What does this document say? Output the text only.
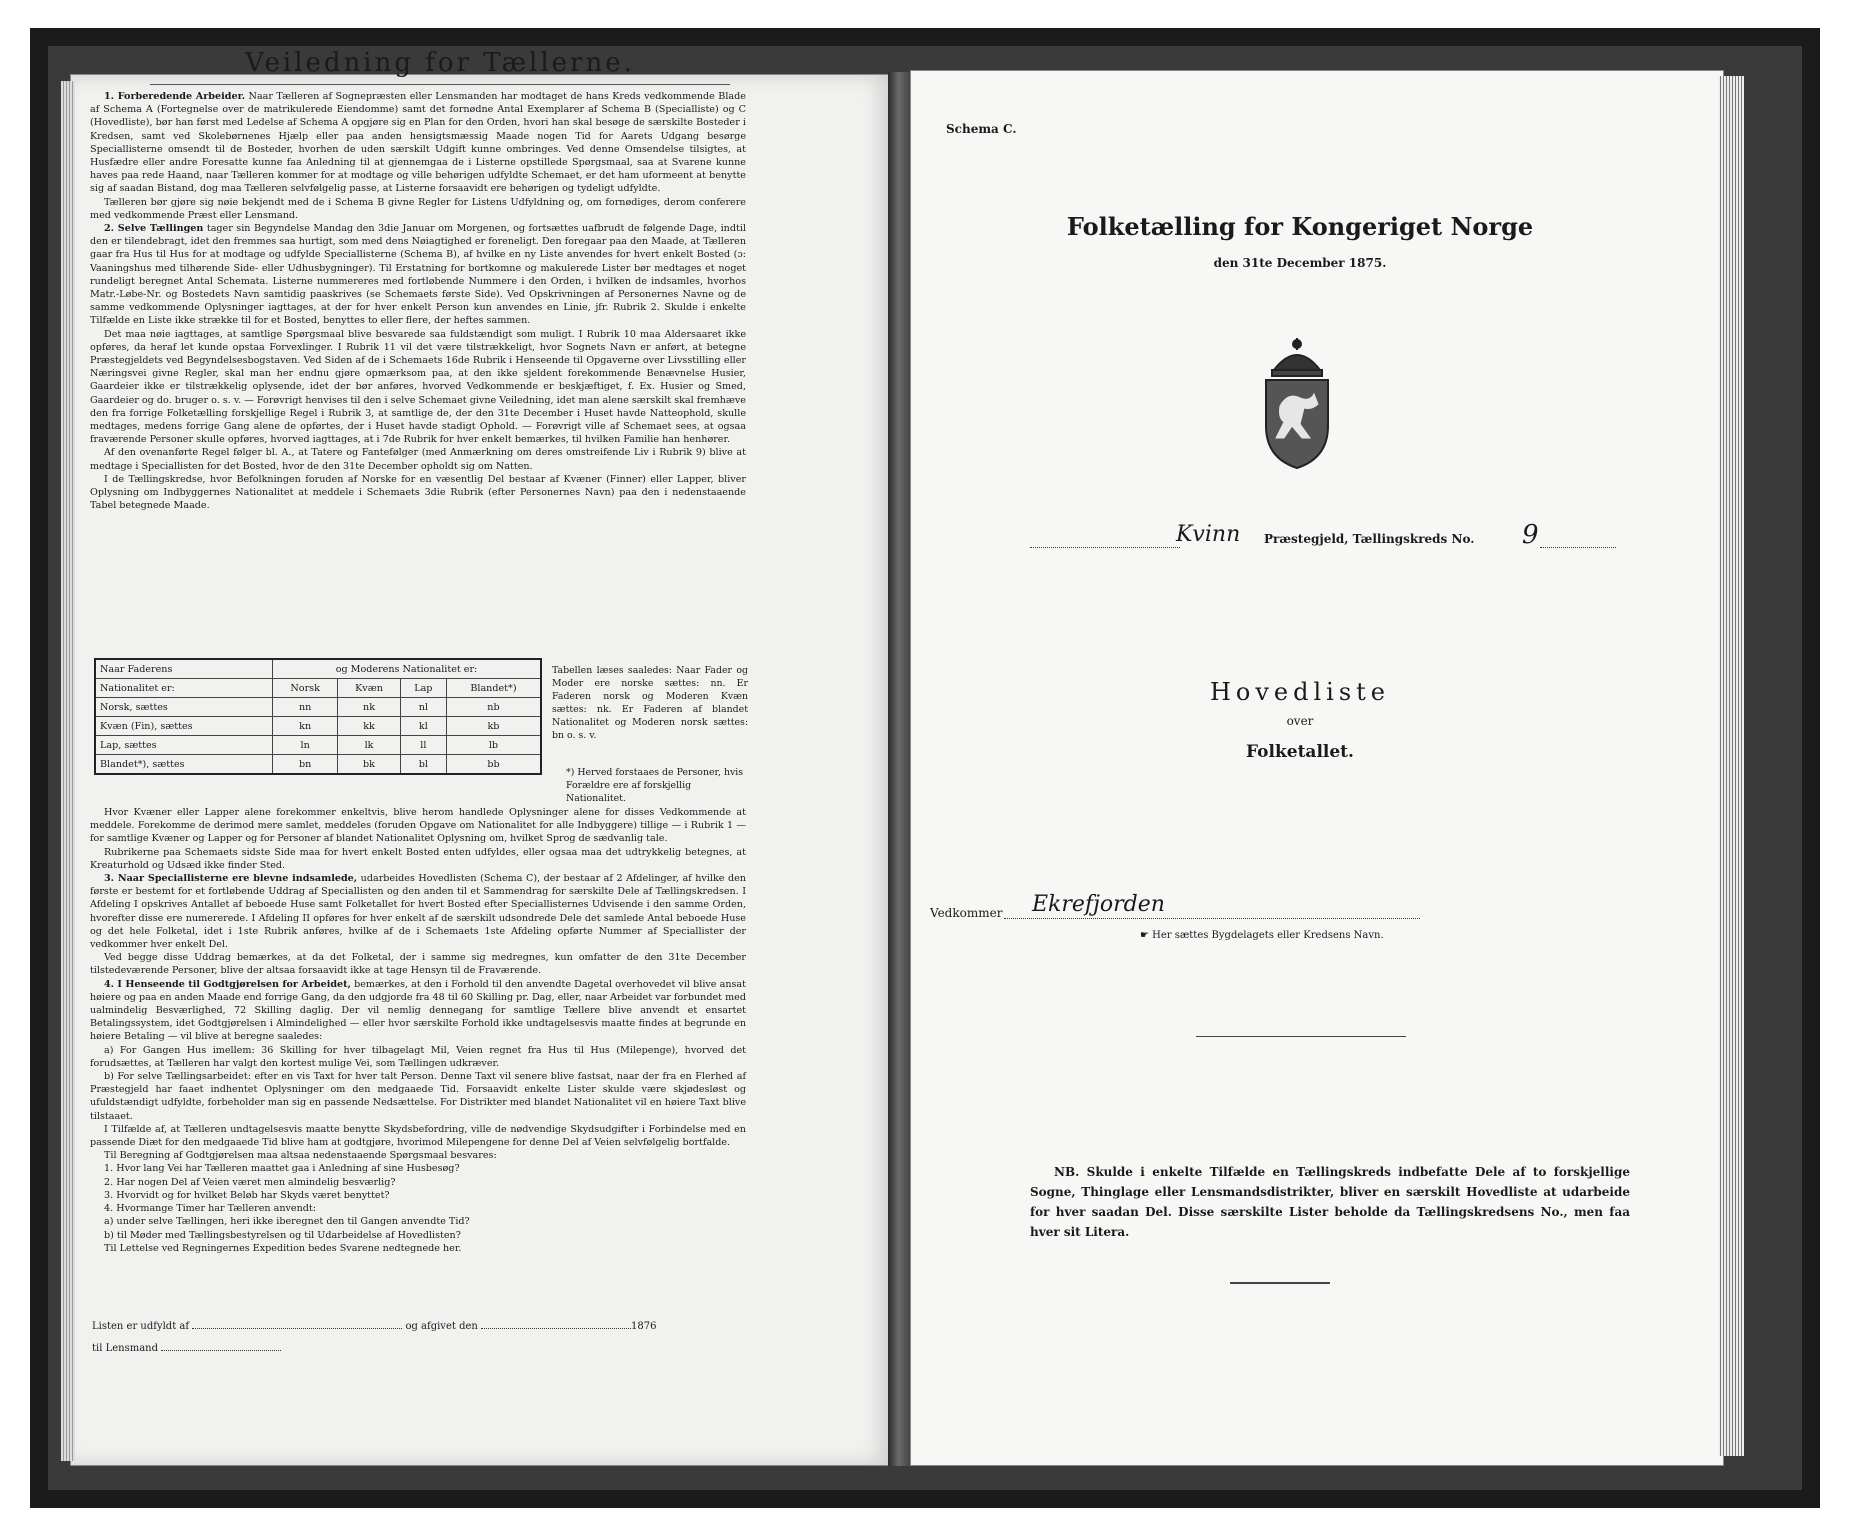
Veiledning for Tællerne.

1. Forberedende Arbeider. Naar Tælleren af Sognepræsten eller Lensmanden har modtaget de hans Kreds vedkommende Blade af Schema A (Fortegnelse over de matrikulerede Eiendomme) samt det fornødne Antal Exemplarer af Schema B (Specialliste) og C (Hovedliste), bør han først med Ledelse af Schema A opgjøre sig en Plan for den Orden, hvori han skal besøge de særskilte Bosteder i Kredsen, samt ved Skolebørnenes Hjælp eller paa anden hensigtsmæssig Maade nogen Tid for Aarets Udgang besørge Speciallisterne omsendt til de Bosteder, hvorhen de uden særskilt Udgift kunne ombringes. Ved denne Omsendelse tilsigtes, at Husfædre eller andre Foresatte kunne faa Anledning til at gjennemgaa de i Listerne opstillede Spørgsmaal, saa at Svarene kunne haves paa rede Haand, naar Tælleren kommer for at modtage og ville behørigen udfyldte Schemaet, er det ham uformeent at benytte sig af saadan Bistand, dog maa Tælleren selvfølgelig passe, at Listerne forsaavidt ere behørigen og tydeligt udfyldte.

Tælleren bør gjøre sig nøie bekjendt med de i Schema B givne Regler for Listens Udfyldning og, om fornødiges, derom conferere med vedkommende Præst eller Lensmand.

2. Selve Tællingen tager sin Begyndelse Mandag den 3die Januar om Morgenen, og fortsættes uafbrudt de følgende Dage, indtil den er tilendebragt, idet den fremmes saa hurtigt, som med dens Nøiagtighed er foreneligt. Den foregaar paa den Maade, at Tælleren gaar fra Hus til Hus for at modtage og udfylde Speciallisterne (Schema B), af hvilke en ny Liste anvendes for hvert enkelt Bosted (ɔ: Vaaningshus med tilhørende Side- eller Udhusbygninger). Til Erstatning for bortkomne og makulerede Lister bør medtages et noget rundeligt beregnet Antal Schemata. Listerne nummereres med fortløbende Nummere i den Orden, i hvilken de indsamles, hvorhos Matr.-Løbe-Nr. og Bostedets Navn samtidig paaskrives (se Schemaets første Side). Ved Opskrivningen af Personernes Navne og de samme vedkommende Oplysninger iagttages, at der for hver enkelt Person kun anvendes en Linie, jfr. Rubrik 2. Skulde i enkelte Tilfælde en Liste ikke strække til for et Bosted, benyttes to eller flere, der heftes sammen.

Det maa nøie iagttages, at samtlige Spørgsmaal blive besvarede saa fuldstændigt som muligt. I Rubrik 10 maa Aldersaaret ikke opføres, da heraf let kunde opstaa Forvexlinger. I Rubrik 11 vil det være tilstrækkeligt, hvor Sognets Navn er anført, at betegne Præstegjeldets ved Begyndelsesbogstaven. Ved Siden af de i Schemaets 16de Rubrik i Henseende til Opgaverne over Livsstilling eller Næringsvei givne Regler, skal man her endnu gjøre opmærksom paa, at den ikke sjeldent forekommende Benævnelse Husier, Gaardeier ikke er tilstrækkelig oplysende, idet der bør anføres, hvorved Vedkommende er beskjæftiget, f. Ex. Husier og Smed, Gaardeier og do. bruger o. s. v. — Forøvrigt henvises til den i selve Schemaet givne Veiledning, idet man alene særskilt skal fremhæve den fra forrige Folketælling forskjellige Regel i Rubrik 3, at samtlige de, der den 31te December i Huset havde Natteophold, skulle medtages, medens forrige Gang alene de opførtes, der i Huset havde stadigt Ophold. — Forøvrigt ville af Schemaet sees, at ogsaa fraværende Personer skulle opføres, hvorved iagttages, at i 7de Rubrik for hver enkelt bemærkes, til hvilken Familie han henhører.

Af den ovenanførte Regel følger bl. A., at Tatere og Fantefølger (med Anmærkning om deres omstreifende Liv i Rubrik 9) blive at medtage i Speciallisten for det Bosted, hvor de den 31te December opholdt sig om Natten.

I de Tællingskredse, hvor Befolkningen foruden af Norske for en væsentlig Del bestaar af Kvæner (Finner) eller Lapper, bliver Oplysning om Indbyggernes Nationalitet at meddele i Schemaets 3die Rubrik (efter Personernes Navn) paa den i nedenstaaende Tabel betegnede Maade.

Naar Faderens	og Moderens Nationalitet er:			
Nationalitet er:	Norsk	Kvæn	Lap	Blandet*)
Norsk, sættes	nn	nk	nl	nb
Kvæn (Fin), sættes	kn	kk	kl	kb
Lap, sættes	ln	lk	ll	lb
Blandet*), sættes	bn	bk	bl	bb
Tabellen læses saaledes: Naar Fader og Moder ere norske sættes: nn. Er Faderen norsk og Moderen Kvæn sættes: nk. Er Faderen af blandet Nationalitet og Moderen norsk sættes: bn o. s. v.
*) Herved forstaaes de Personer, hvis Forældre ere af forskjellig Nationalitet.

Hvor Kvæner eller Lapper alene forekommer enkeltvis, blive herom handlede Oplysninger alene for disses Vedkommende at meddele. Forekomme de derimod mere samlet, meddeles (foruden Opgave om Nationalitet for alle Indbyggere) tillige — i Rubrik 1 — for samtlige Kvæner og Lapper og for Personer af blandet Nationalitet Oplysning om, hvilket Sprog de sædvanlig tale.

Rubrikerne paa Schemaets sidste Side maa for hvert enkelt Bosted enten udfyldes, eller ogsaa maa det udtrykkelig betegnes, at Kreaturhold og Udsæd ikke finder Sted.

3. Naar Speciallisterne ere blevne indsamlede, udarbeides Hovedlisten (Schema C), der bestaar af 2 Afdelinger, af hvilke den første er bestemt for et fortløbende Uddrag af Speciallisten og den anden til et Sammendrag for særskilte Dele af Tællingskredsen. I Afdeling I opskrives Antallet af beboede Huse samt Folketallet for hvert Bosted efter Speciallisternes Udvisende i den samme Orden, hvorefter disse ere numererede. I Afdeling II opføres for hver enkelt af de særskilt udsondrede Dele det samlede Antal beboede Huse og det hele Folketal, idet i 1ste Rubrik anføres, hvilke af de i Schemaets 1ste Afdeling opførte Nummer af Speciallister der vedkommer hver enkelt Del.

Ved begge disse Uddrag bemærkes, at da det Folketal, der i samme sig medregnes, kun omfatter de den 31te December tilstedeværende Personer, blive der altsaa forsaavidt ikke at tage Hensyn til de Fraværende.

4. I Henseende til Godtgjørelsen for Arbeidet, bemærkes, at den i Forhold til den anvendte Dagetal overhovedet vil blive ansat høiere og paa en anden Maade end forrige Gang, da den udgjorde fra 48 til 60 Skilling pr. Dag, eller, naar Arbeidet var forbundet med ualmindelig Besværlighed, 72 Skilling daglig. Der vil nemlig dennegang for samtlige Tællere blive anvendt et ensartet Betalingssystem, idet Godtgjørelsen i Almindelighed — eller hvor særskilte Forhold ikke undtagelsesvis maatte findes at begrunde en høiere Betaling — vil blive at beregne saaledes:

a) For Gangen Hus imellem: 36 Skilling for hver tilbagelagt Mil, Veien regnet fra Hus til Hus (Milepenge), hvorved det forudsættes, at Tælleren har valgt den kortest mulige Vei, som Tællingen udkræver.

b) For selve Tællingsarbeidet: efter en vis Taxt for hver talt Person. Denne Taxt vil senere blive fastsat, naar der fra en Flerhed af Præstegjeld har faaet indhentet Oplysninger om den medgaaede Tid. Forsaavidt enkelte Lister skulde være skjødesløst og ufuldstændigt udfyldte, forbeholder man sig en passende Nedsættelse. For Distrikter med blandet Nationalitet vil en høiere Taxt blive tilstaaet.

I Tilfælde af, at Tælleren undtagelsesvis maatte benytte Skydsbefordring, ville de nødvendige Skydsudgifter i Forbindelse med en passende Diæt for den medgaaede Tid blive ham at godtgjøre, hvorimod Milepengene for denne Del af Veien selvfølgelig bortfalde.

Til Beregning af Godtgjørelsen maa altsaa nedenstaaende Spørgsmaal besvares:

1. Hvor lang Vei har Tælleren maattet gaa i Anledning af sine Husbesøg?

2. Har nogen Del af Veien været men almindelig besværlig?

3. Hvorvidt og for hvilket Beløb har Skyds været benyttet?

4. Hvormange Timer har Tælleren anvendt:

a) under selve Tællingen, heri ikke iberegnet den til Gangen anvendte Tid?

b) til Møder med Tællingsbestyrelsen og til Udarbeidelse af Hovedlisten?

Til Lettelse ved Regningernes Expedition bedes Svarene nedtegnede her.

Listen er udfyldt af	og afgivet den	1876
til Lensmand
Schema C.
Folketælling for Kongeriget Norge
den 31te December 1875.
Kvinn Præstegjeld, Tællingskreds No. 9
Hovedliste
over
Folketallet.
Vedkommer Ekrefjorden
☛ Her sættes Bygdelagets eller Kredsens Navn.
NB. Skulde i enkelte Tilfælde en Tællingskreds indbefatte Dele af to forskjellige Sogne, Thinglage eller Lensmandsdistrikter, bliver en særskilt Hovedliste at udarbeide for hver saadan Del. Disse særskilte Lister beholde da Tællingskredsens No., men faa hver sit Litera.
